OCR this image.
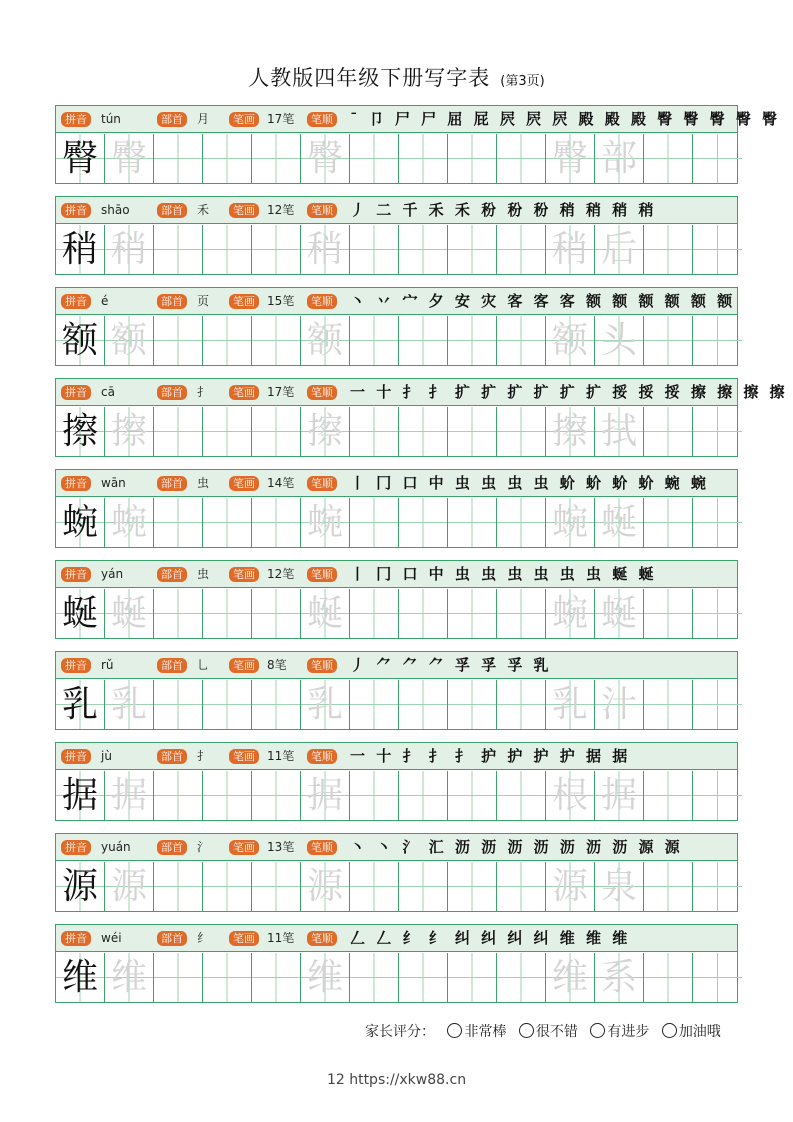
人教版四年级下册写字表 (第3页)
拼音	部首	笔画	笔顺
tún	月	17笔	ˉ ⼙ 尸 尸 屈 屁 屄 屄 屄 殿 殿 殿 臀 臀 臀 臀 臀
臀 臀	臀	臀 部
拼音	部首	笔画	笔顺
shāo	禾	12笔	丿 二 千 禾 禾 秎 秎 秎 稍 稍 稍 稍
稍 稍	稍	稍 后
拼音	部首	笔画	笔顺
é	页	15笔	丶 丷 宀 夕 安 灾 客 客 客 额 额 额 额 额 额
额 额	额	额 头
拼音	部首	笔画	笔顺
cā	扌	17笔	一 十 扌 扌 扩 扩 扩 扩 扩 扩 挼 挼 挼 擦 擦 擦 擦
擦 擦	擦	擦 拭
拼音	部首	笔画	笔顺
wān	虫	14笔	丨 冂 口 中 虫 虫 虫 虫 蚧 蚧 蚧 蚧 蜿 蜿
蜿 蜿	蜿	蜿 蜒
拼音	部首	笔画	笔顺
yán	虫	12笔	丨 冂 口 中 虫 虫 虫 虫 虫 虫 蜒 蜒
蜒 蜒	蜒	蜿 蜒
拼音	部首	笔画	笔顺
rǔ	乚	8笔	丿 ⺈ ⺈ ⺈ 孚 孚 孚 乳
乳 乳	乳	乳 汁
拼音	部首	笔画	笔顺
jù	扌	11笔	一 十 扌 扌 扌 护 护 护 护 据 据
据 据	据	根 据
拼音	部首	笔画	笔顺
yuán	氵	13笔	丶 丶 氵 汇 沥 沥 沥 沥 沥 沥 沥 源 源
源 源	源	源 泉
拼音	部首	笔画	笔顺
wéi	纟	11笔	𠃋 𠃋 纟 纟 纠 纠 纠 纠 维 维 维
维 维	维	维 系
家长评分： 非常棒 很不错 有进步 加油哦
12 https://xkw88.cn
